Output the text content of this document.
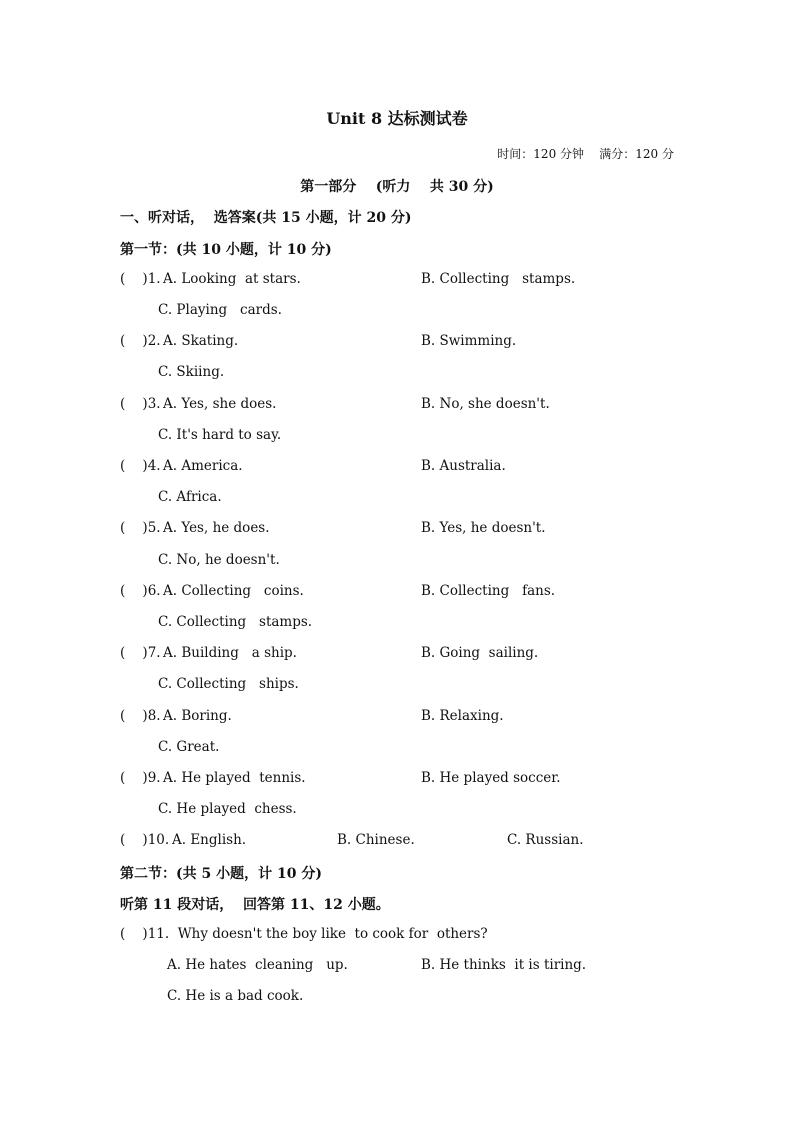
Unit 8 达标测试卷
时间：120 分钟    满分：120 分
第一部分    (听力    共 30 分)
一、听对话，  选答案(共 15 小题，计 20 分)
第一节：(共 10 小题，计 10 分)
(    )1. A. Looking  at stars.	B. Collecting   stamps.
C. Playing   cards.
(    )2. A. Skating.	B. Swimming.
C. Skiing.
(    )3. A. Yes, she does.	B. No, she doesn't.
C. It's hard to say.
(    )4. A. America.	B. Australia.
C. Africa.
(    )5. A. Yes, he does.	B. Yes, he doesn't.
C. No, he doesn't.
(    )6. A. Collecting   coins.	B. Collecting   fans.
C. Collecting   stamps.
(    )7. A. Building   a ship.	B. Going  sailing.
C. Collecting   ships.
(    )8. A. Boring.	B. Relaxing.
C. Great.
(    )9. A. He played  tennis.	B. He played soccer.
C. He played  chess.
(    )10. A. English.	B. Chinese.	C. Russian.
第二节：(共 5 小题，计 10 分)
听第 11 段对话，  回答第 11、12 小题。
(    )11.  Why doesn't the boy like  to cook for  others?
A. He hates  cleaning   up.	B. He thinks  it is tiring.
C. He is a bad cook.
